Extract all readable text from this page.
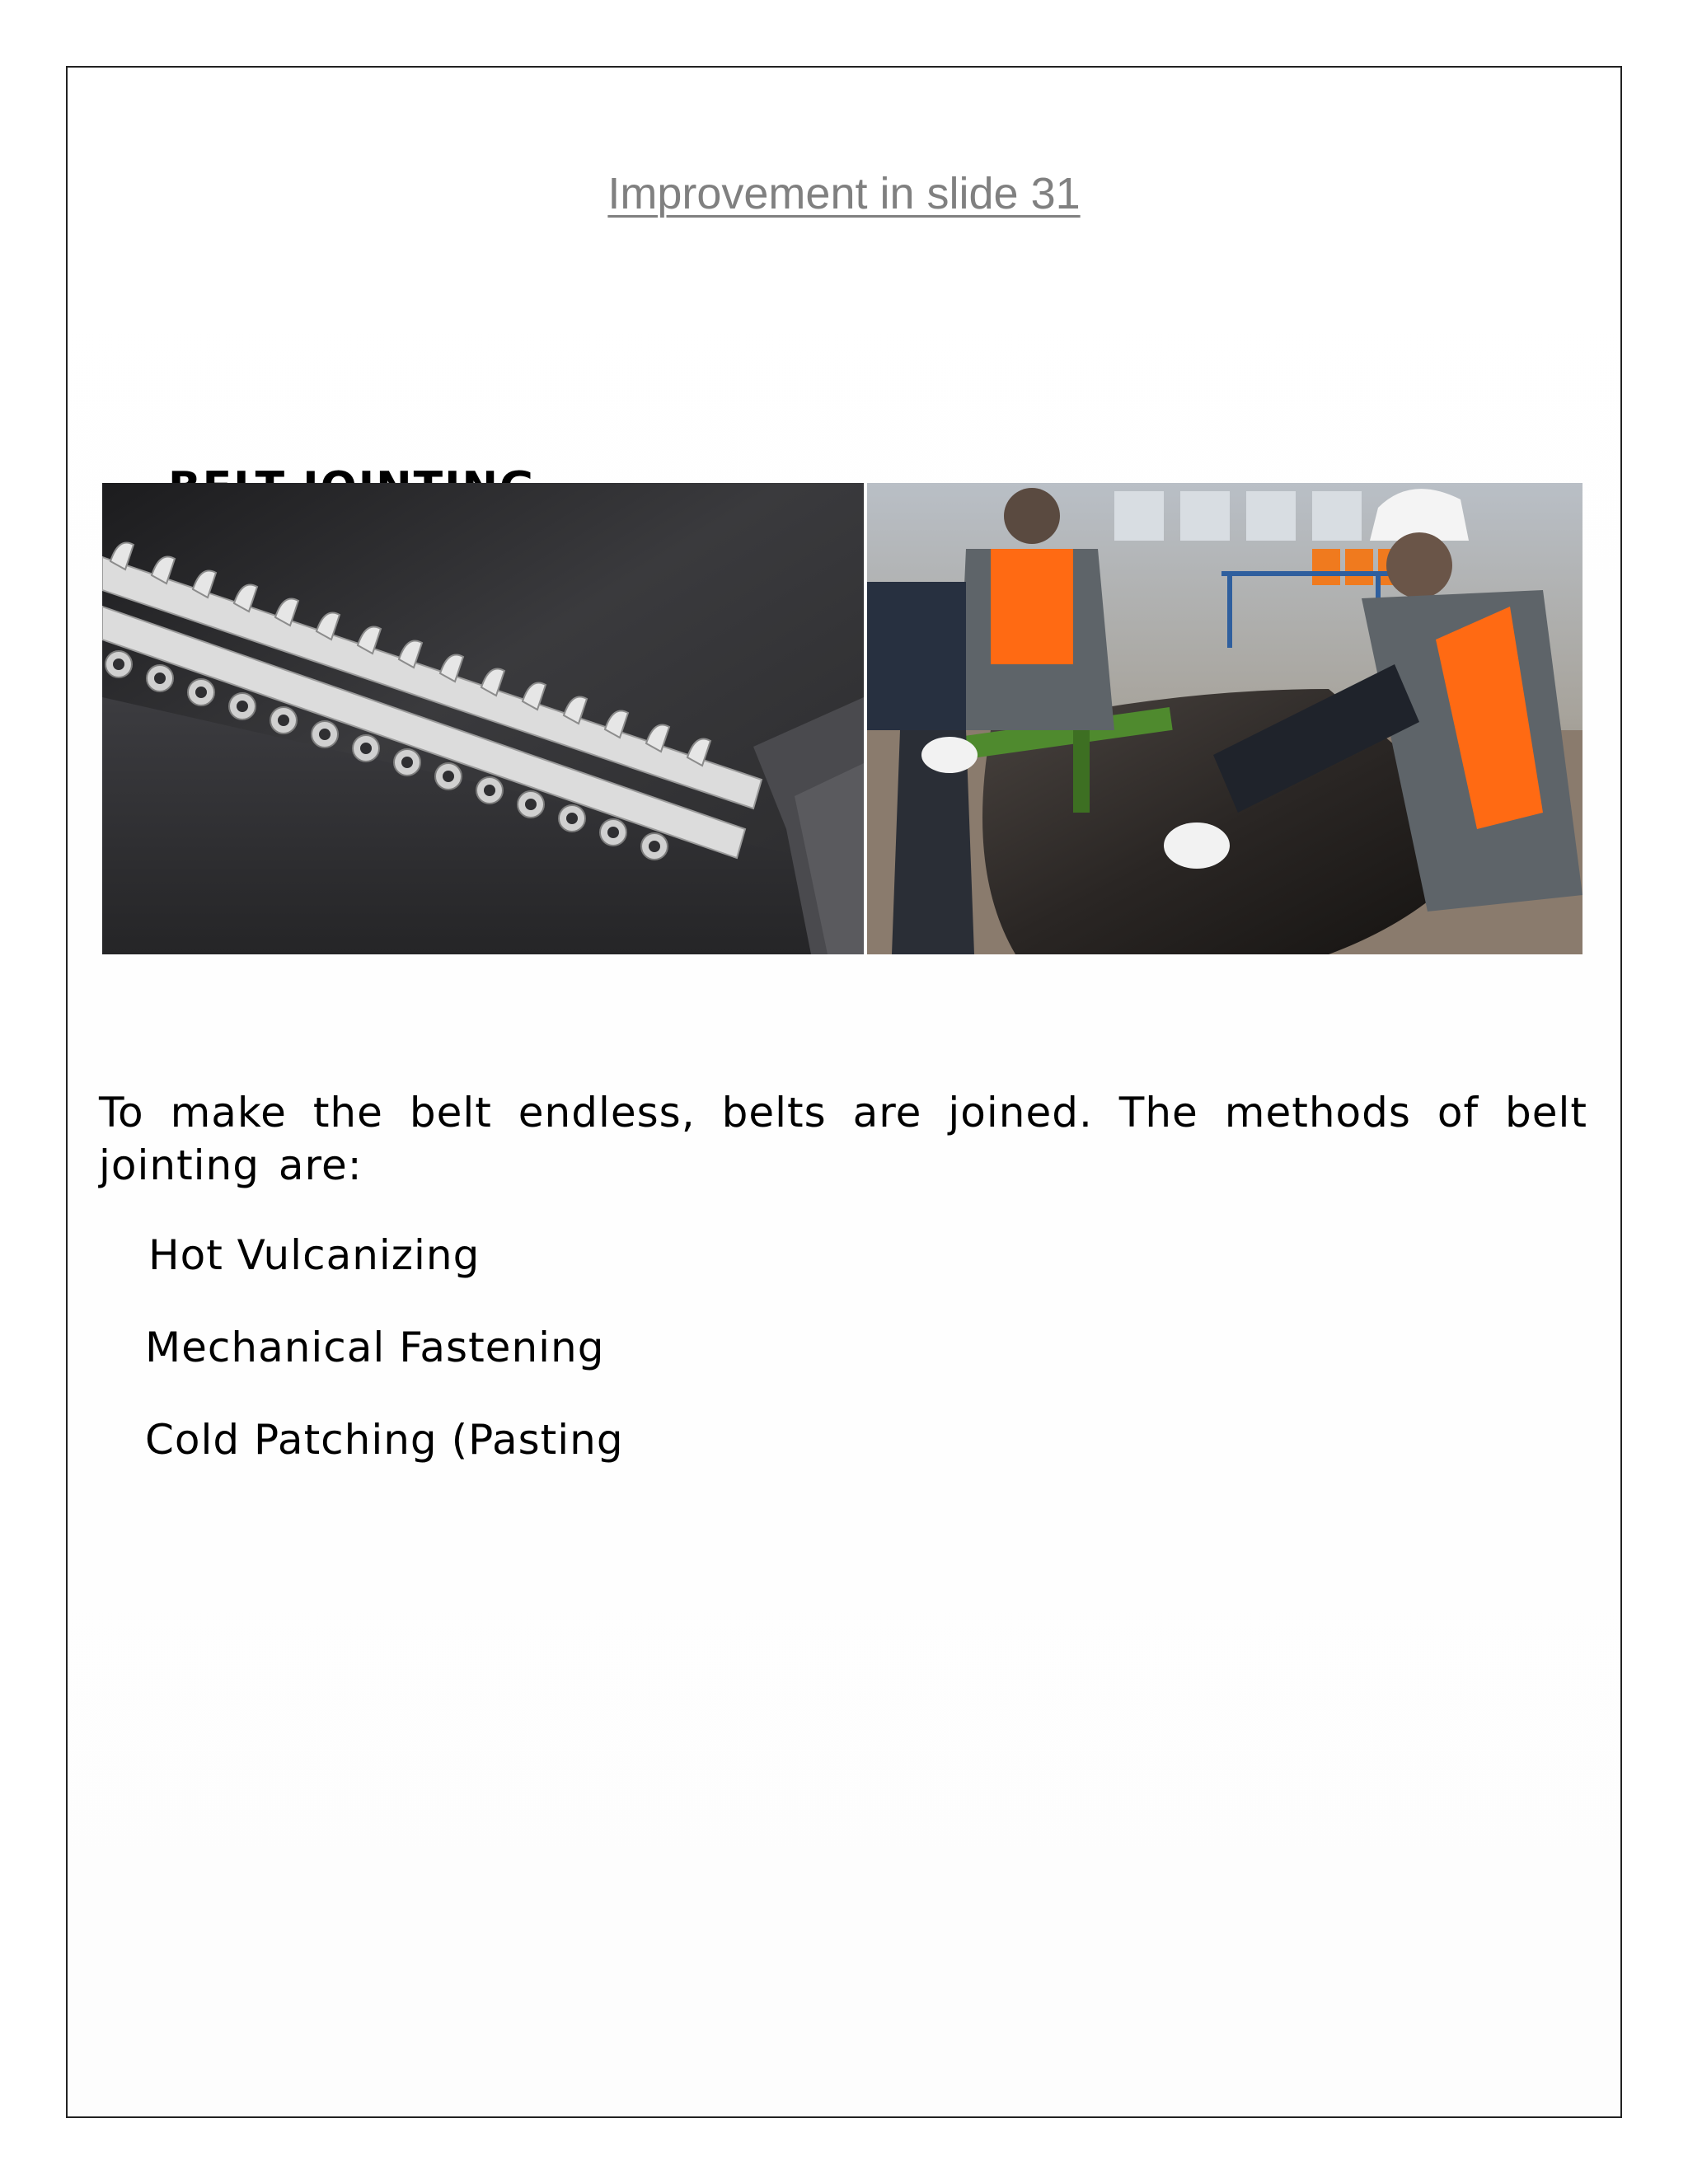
Improvement in slide 31
To make the belt endless, belts are joined. The methods of belt jointing are:
Hot Vulcanizing
Mechanical Fastening
Cold Patching (Pasting
